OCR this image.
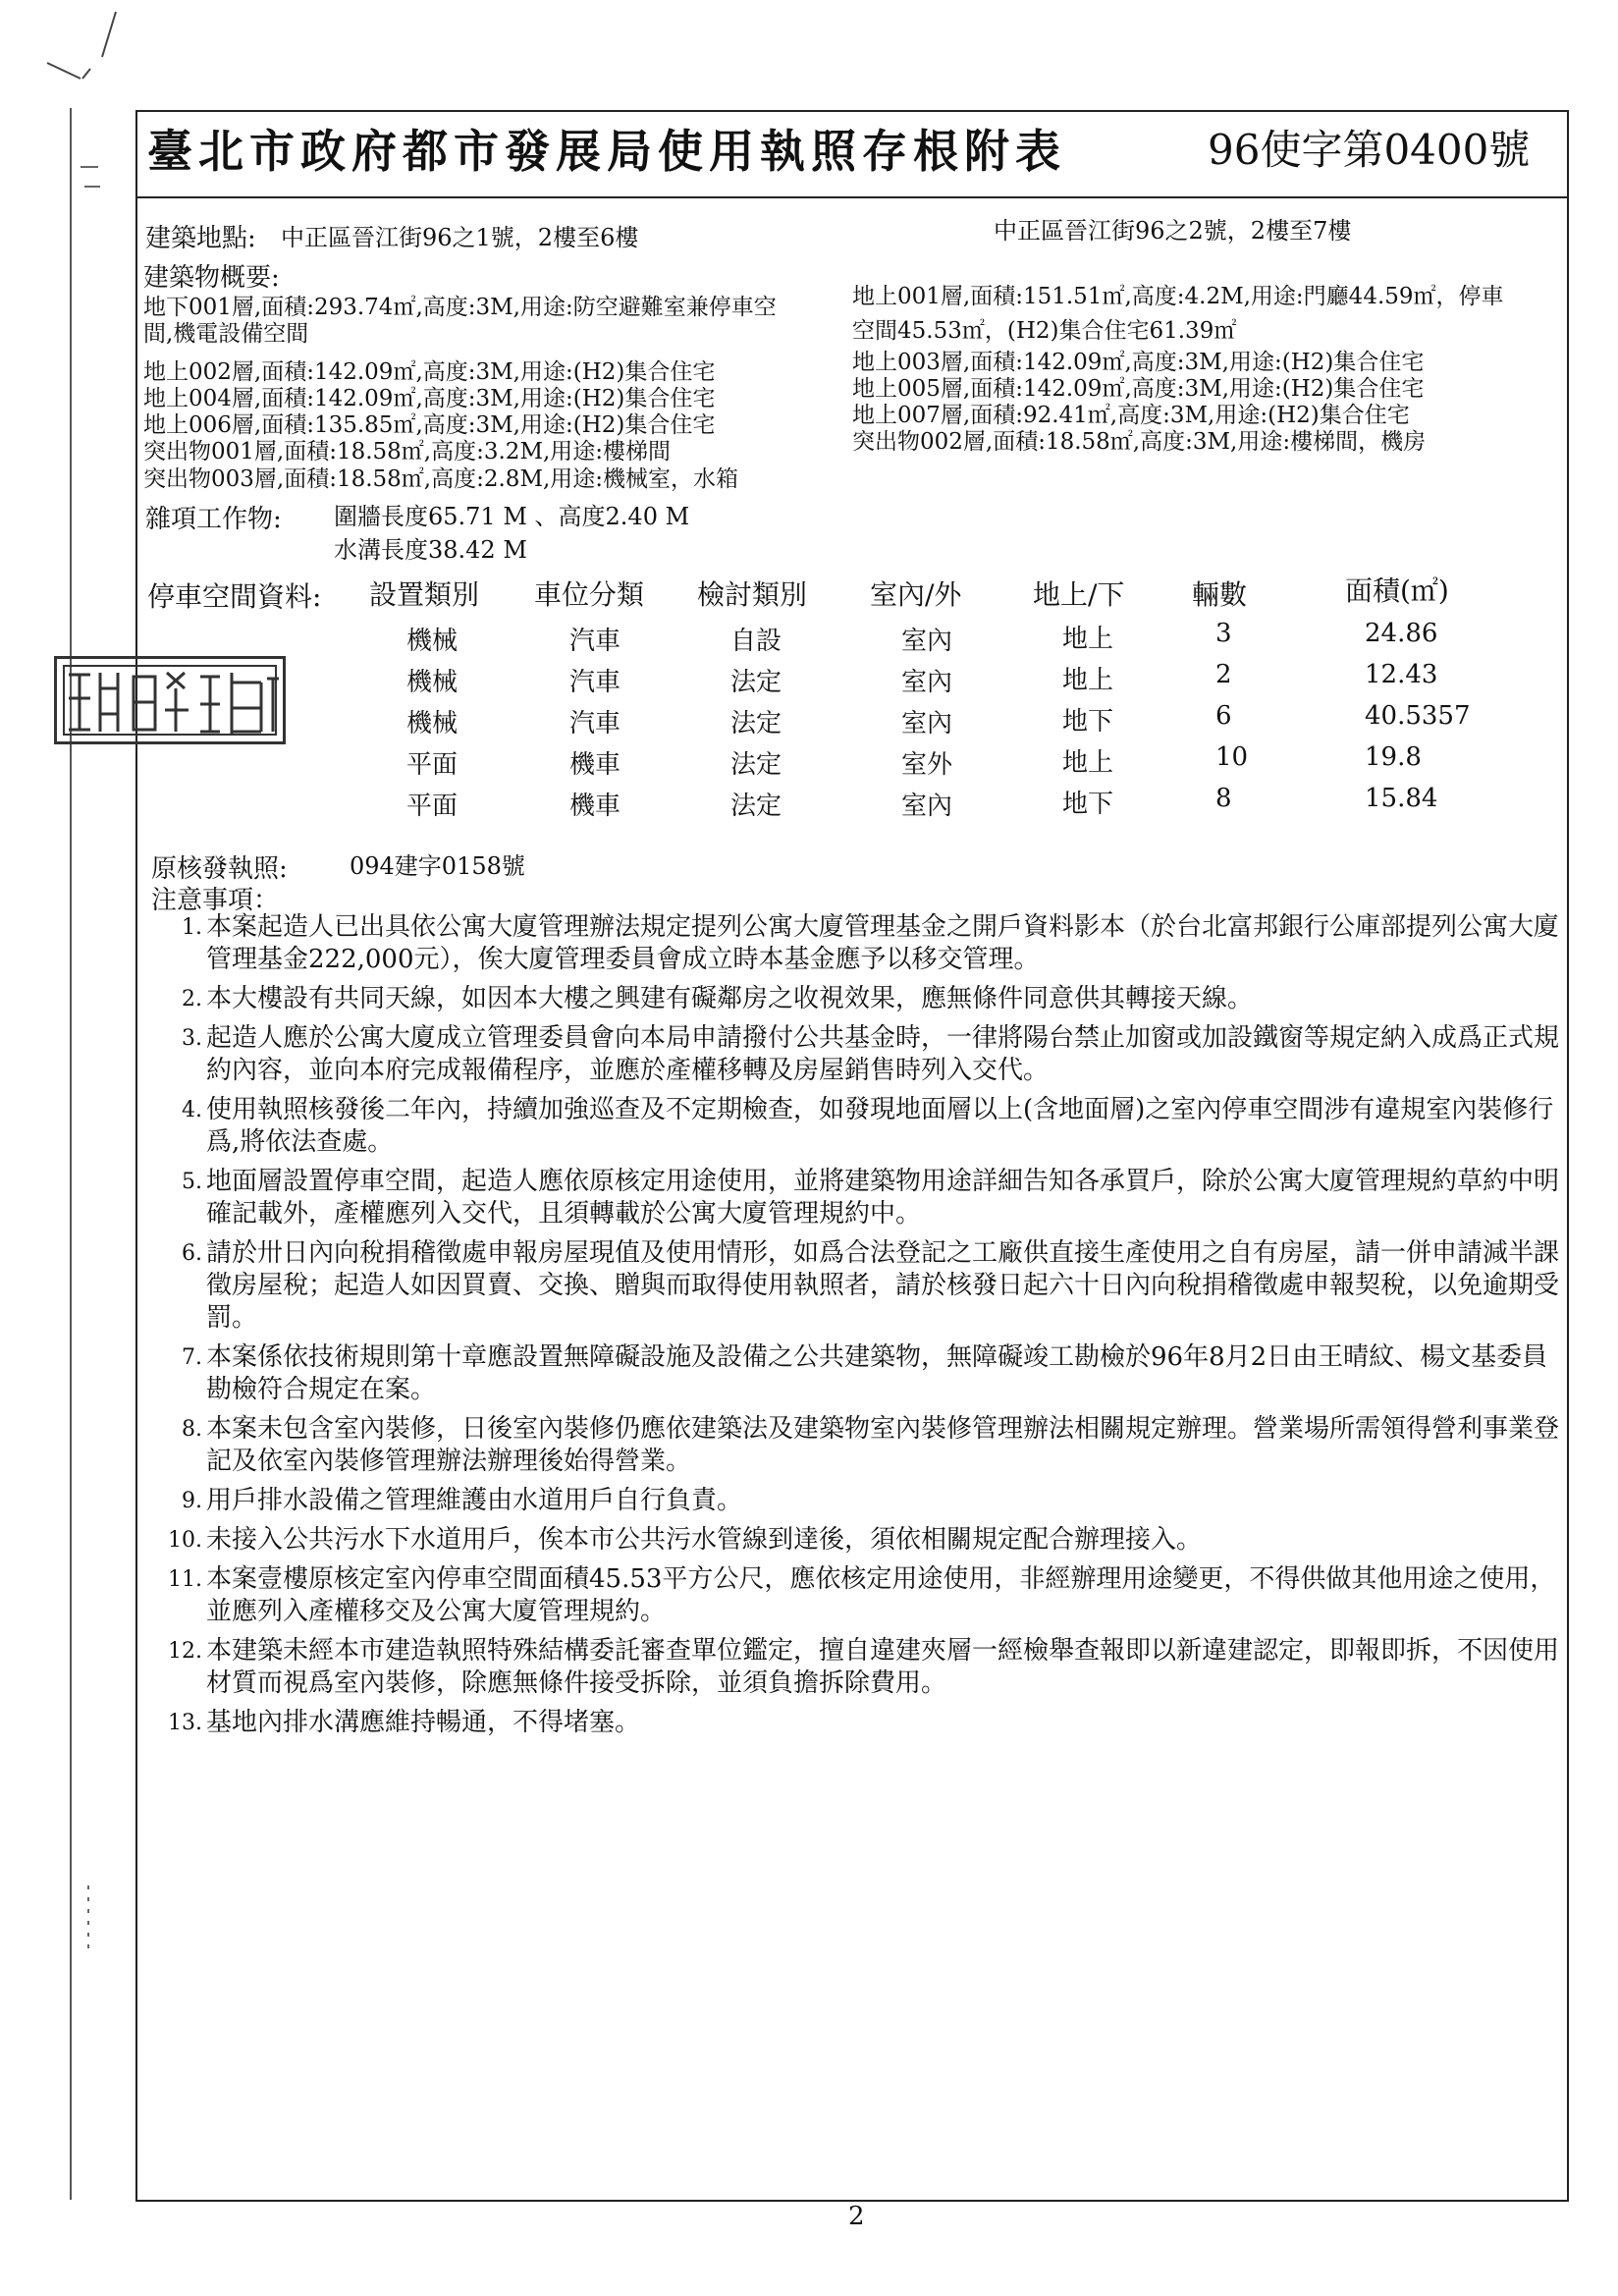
臺北市政府都市發展局使用執照存根附表	96使字第0400號
建築地點: 中正區晉江街96之1號，2樓至6樓	中正區晉江街96之2號，2樓至7樓
建築物概要:
地下001層,面積:293.74㎡,高度:3M,用途:防空避難室兼停車空
間,機電設備空間
地上002層,面積:142.09㎡,高度:3M,用途:(H2)集合住宅
地上004層,面積:142.09㎡,高度:3M,用途:(H2)集合住宅
地上006層,面積:135.85㎡,高度:3M,用途:(H2)集合住宅
突出物001層,面積:18.58㎡,高度:3.2M,用途:樓梯間
突出物003層,面積:18.58㎡,高度:2.8M,用途:機械室，水箱
地上001層,面積:151.51㎡,高度:4.2M,用途:門廳44.59㎡，停車
空間45.53㎡，(H2)集合住宅61.39㎡
地上003層,面積:142.09㎡,高度:3M,用途:(H2)集合住宅
地上005層,面積:142.09㎡,高度:3M,用途:(H2)集合住宅
地上007層,面積:92.41㎡,高度:3M,用途:(H2)集合住宅
突出物002層,面積:18.58㎡,高度:3M,用途:樓梯間，機房
雜項工作物: 圍牆長度65.71 M 、高度2.40 M
水溝長度38.42 M
停車空間資料: 設置類別 車位分類 檢討類別 室內/外	地上/下 輛數	面積(㎡)
機械	汽車	自設	室內	地上	3	24.86
機械	汽車	法定	室內	地上	2	12.43
機械	汽車	法定	室內	地下	6	40.5357
平面	機車	法定	室外	地上	10	19.8
平面	機車	法定	室內	地下	8	15.84
原核發執照:	094建字0158號
注意事項：
1. 本案起造人已出具依公寓大廈管理辦法規定提列公寓大廈管理基金之開戶資料影本（於台北富邦銀行公庫部提列公寓大廈管理基金222,000元），俟大廈管理委員會成立時本基金應予以移交管理。
2. 本大樓設有共同天線，如因本大樓之興建有礙鄰房之收視效果，應無條件同意供其轉接天線。
3. 起造人應於公寓大廈成立管理委員會向本局申請撥付公共基金時，一律將陽台禁止加窗或加設鐵窗等規定納入成爲正式規約內容，並向本府完成報備程序，並應於產權移轉及房屋銷售時列入交代。
4. 使用執照核發後二年內，持續加強巡查及不定期檢查，如發現地面層以上(含地面層)之室內停車空間涉有違規室內裝修行爲,將依法查處。
5. 地面層設置停車空間，起造人應依原核定用途使用，並將建築物用途詳細告知各承買戶，除於公寓大廈管理規約草約中明確記載外，產權應列入交代，且須轉載於公寓大廈管理規約中。
6. 請於卅日內向稅捐稽徵處申報房屋現值及使用情形，如爲合法登記之工廠供直接生產使用之自有房屋，請一併申請減半課徵房屋稅；起造人如因買賣、交換、贈與而取得使用執照者，請於核發日起六十日內向稅捐稽徵處申報契稅，以免逾期受罰。
7. 本案係依技術規則第十章應設置無障礙設施及設備之公共建築物，無障礙竣工勘檢於96年8月2日由王晴紋、楊文基委員勘檢符合規定在案。
8. 本案未包含室內裝修，日後室內裝修仍應依建築法及建築物室內裝修管理辦法相關規定辦理。營業場所需領得營利事業登記及依室內裝修管理辦法辦理後始得營業。
9. 用戶排水設備之管理維護由水道用戶自行負責。
10. 未接入公共污水下水道用戶，俟本市公共污水管線到達後，須依相關規定配合辦理接入。
11. 本案壹樓原核定室內停車空間面積45.53平方公尺，應依核定用途使用，非經辦理用途變更，不得供做其他用途之使用，並應列入產權移交及公寓大廈管理規約。
12. 本建築未經本市建造執照特殊結構委託審查單位鑑定，擅自違建夾層一經檢舉查報即以新違建認定，即報即拆，不因使用材質而視爲室內裝修，除應無條件接受拆除，並須負擔拆除費用。
13. 基地內排水溝應維持暢通，不得堵塞。
2
